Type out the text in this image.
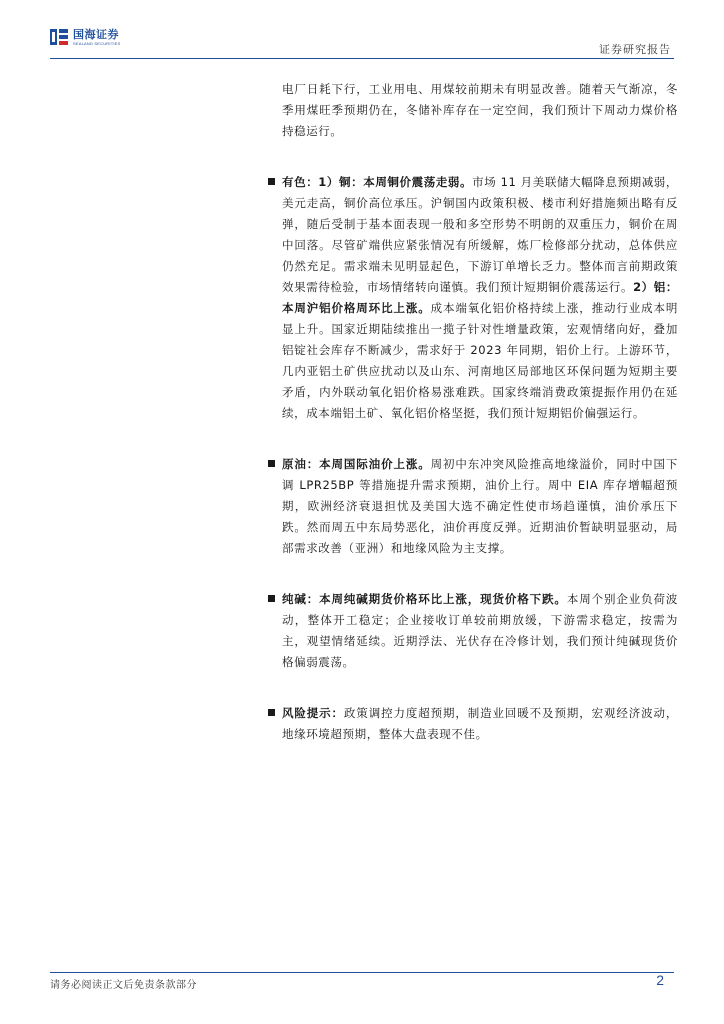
国海证券
SEALAND SECURITIES	证券研究报告

电厂日耗下行，工业用电、用煤较前期未有明显改善。随着天气渐凉，冬季用煤旺季预期仍在，冬储补库存在一定空间，我们预计下周动力煤价格持稳运行。

有色：1）铜：本周铜价震荡走弱。市场 11 月美联储大幅降息预期减弱，美元走高，铜价高位承压。沪铜国内政策积极、楼市利好措施频出略有反弹，随后受制于基本面表现一般和多空形势不明朗的双重压力，铜价在周中回落。尽管矿端供应紧张情况有所缓解，炼厂检修部分扰动，总体供应仍然充足。需求端未见明显起色，下游订单增长乏力。整体而言前期政策效果需待检验，市场情绪转向谨慎。我们预计短期铜价震荡运行。2）铝：本周沪铝价格周环比上涨。成本端氧化铝价格持续上涨，推动行业成本明显上升。国家近期陆续推出一揽子针对性增量政策，宏观情绪向好，叠加铝锭社会库存不断减少，需求好于 2023 年同期，铝价上行。上游环节，几内亚铝土矿供应扰动以及山东、河南地区局部地区环保问题为短期主要矛盾，内外联动氧化铝价格易涨难跌。国家终端消费政策提振作用仍在延续，成本端铝土矿、氧化铝价格坚挺，我们预计短期铝价偏强运行。

原油：本周国际油价上涨。周初中东冲突风险推高地缘溢价，同时中国下调 LPR25BP 等措施提升需求预期，油价上行。周中 EIA 库存增幅超预期，欧洲经济衰退担忧及美国大选不确定性使市场趋谨慎，油价承压下跌。然而周五中东局势恶化，油价再度反弹。近期油价暂缺明显驱动，局部需求改善（亚洲）和地缘风险为主支撑。

纯碱：本周纯碱期货价格环比上涨，现货价格下跌。本周个别企业负荷波动，整体开工稳定；企业接收订单较前期放缓，下游需求稳定，按需为主，观望情绪延续。近期浮法、光伏存在冷修计划，我们预计纯碱现货价格偏弱震荡。

风险提示：政策调控力度超预期，制造业回暖不及预期，宏观经济波动，地缘环境超预期，整体大盘表现不佳。

请务必阅读正文后免责条款部分	2
